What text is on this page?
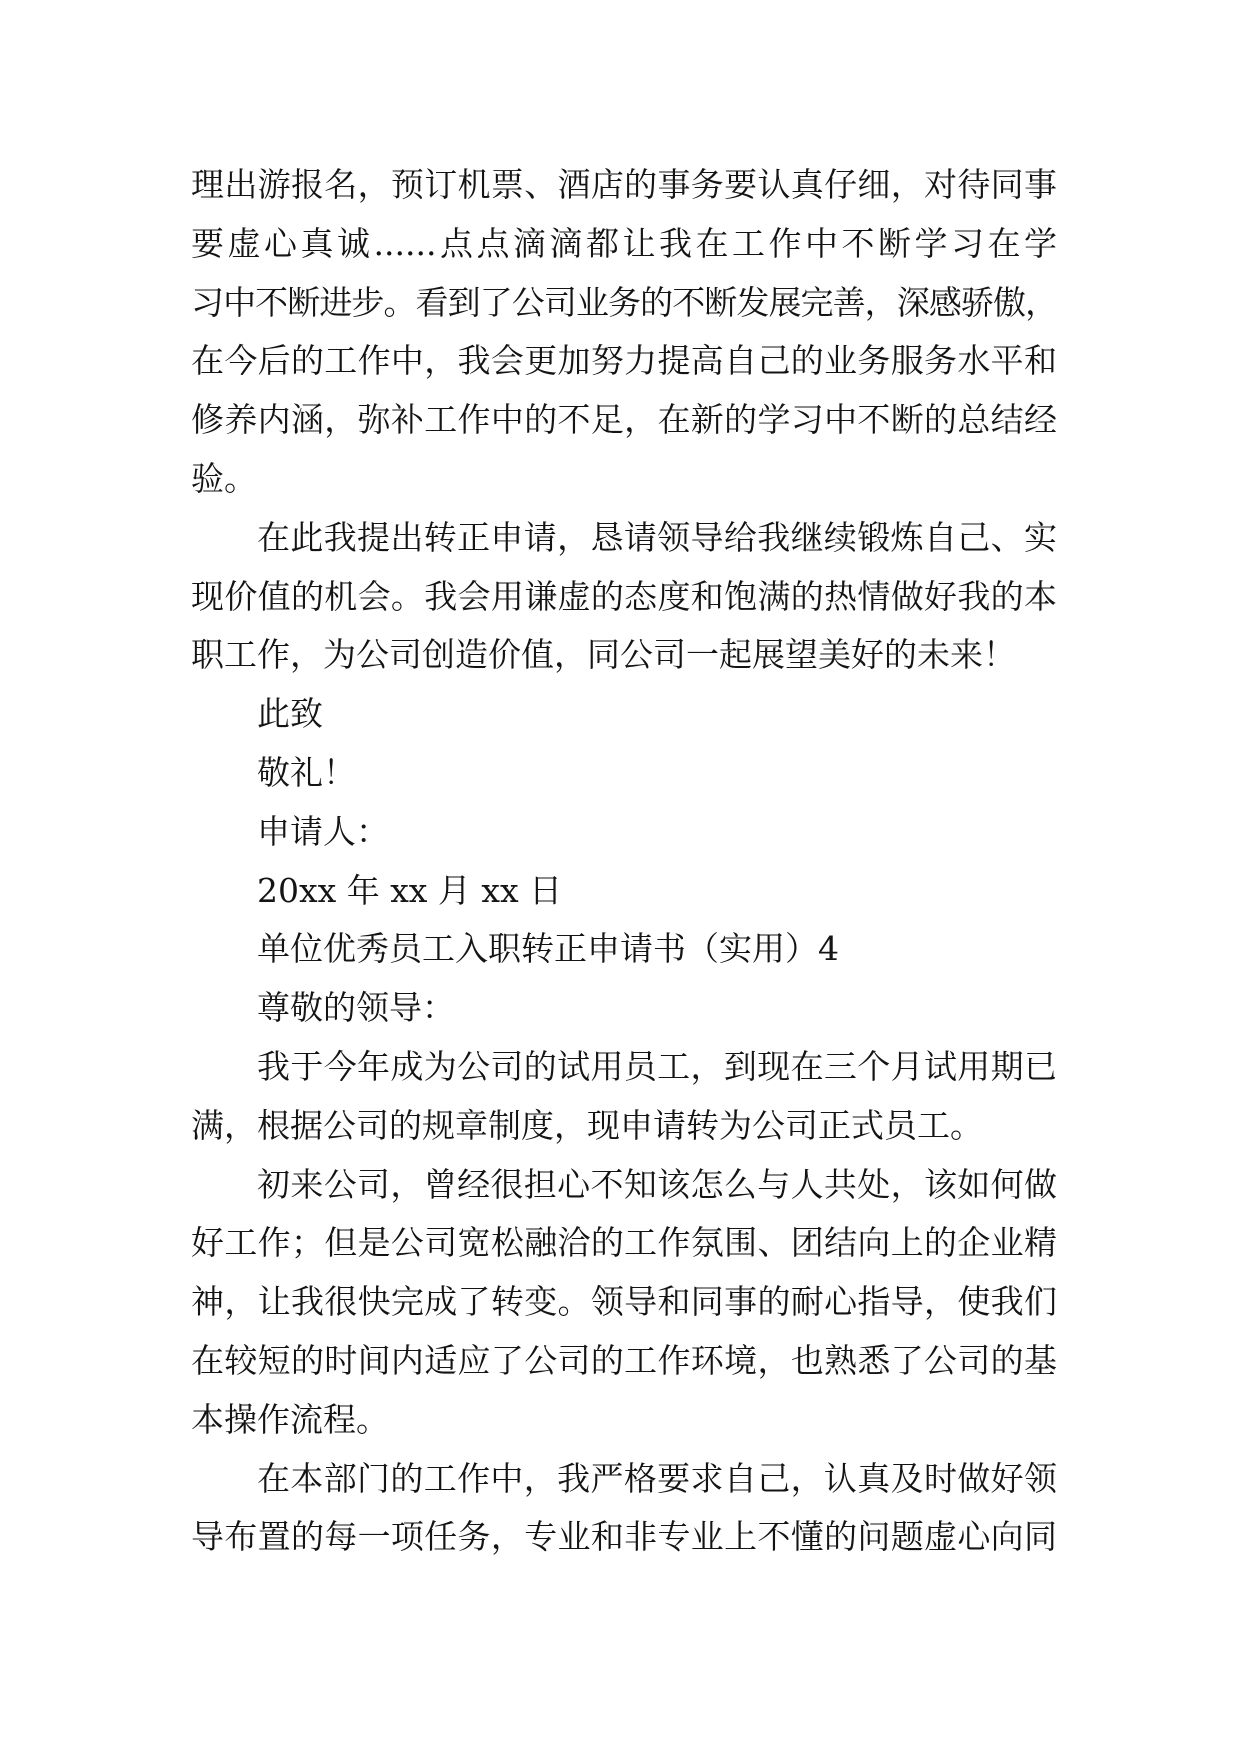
理出游报名，预订机票、酒店的事务要认真仔细，对待同事
要虚心真诚......点点滴滴都让我在工作中不断学习在学
习中不断进步。看到了公司业务的不断发展完善，深感骄傲，
在今后的工作中，我会更加努力提高自己的业务服务水平和
修养内涵，弥补工作中的不足，在新的学习中不断的总结经
验。
在此我提出转正申请，恳请领导给我继续锻炼自己、实
现价值的机会。我会用谦虚的态度和饱满的热情做好我的本
职工作，为公司创造价值，同公司一起展望美好的未来！
此致
敬礼！
申请人：
20xx 年 xx 月 xx 日
单位优秀员工入职转正申请书（实用）4
尊敬的领导：
我于今年成为公司的试用员工，到现在三个月试用期已
满，根据公司的规章制度，现申请转为公司正式员工。
初来公司，曾经很担心不知该怎么与人共处，该如何做
好工作；但是公司宽松融洽的工作氛围、团结向上的企业精
神，让我很快完成了转变。领导和同事的耐心指导，使我们
在较短的时间内适应了公司的工作环境，也熟悉了公司的基
本操作流程。
在本部门的工作中，我严格要求自己，认真及时做好领
导布置的每一项任务，专业和非专业上不懂的问题虚心向同
